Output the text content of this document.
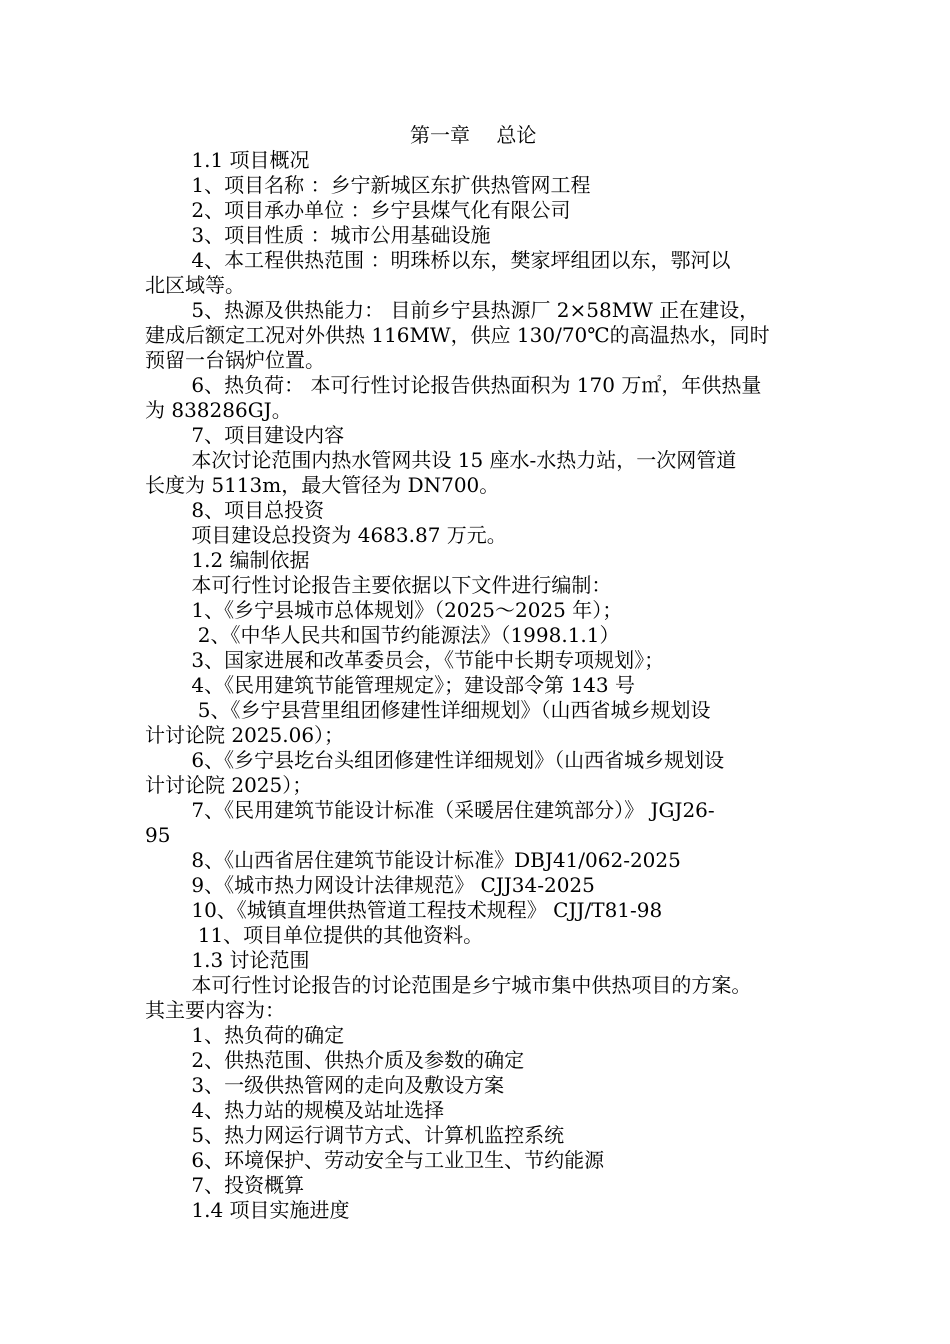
第一章　 总论
　　 1.1 项目概况
　　 1、项目名称 ：乡宁新城区东扩供热管网工程
　　 2、项目承办单位 ：乡宁县煤气化有限公司
　　 3、项目性质 ：城市公用基础设施
　　 4、本工程供热范围 ：明珠桥以东，樊家坪组团以东，鄂河以
北区域等。
　　 5、热源及供热能力： 目前乡宁县热源厂 2×58MW 正在建设，
建成后额定工况对外供热 116MW，供应 130/70℃的高温热水，同时
预留一台锅炉位置。
　　 6、热负荷： 本可行性讨论报告供热面积为 170 万㎡，年供热量
为 838286GJ。
　　 7、项目建设内容
　　 本次讨论范围内热水管网共设 15 座水-水热力站，一次网管道
长度为 5113m，最大管径为 DN700。
　　 8、项目总投资
　　 项目建设总投资为 4683.87 万元。
　　 1.2 编制依据
　　 本可行性讨论报告主要依据以下文件进行编制：
　　 1、《乡宁县城市总体规划》（2025～2025 年）；
　　  2、《中华人民共和国节约能源法》（1998.1.1）
　　 3、国家进展和改革委员会，《节能中长期专项规划》；
　　 4、《民用建筑节能管理规定》；建设部令第 143 号
　　  5、《乡宁县营里组团修建性详细规划》（山西省城乡规划设
计讨论院 2025.06）；
　　 6、《乡宁县圪台头组团修建性详细规划》（山西省城乡规划设
计讨论院 2025）；
　　 7、《民用建筑节能设计标准（采暖居住建筑部分）》 JGJ26-
95
　　 8、《山西省居住建筑节能设计标准》DBJ41/062-2025
　　 9、《城市热力网设计法律规范》 CJJ34-2025
　　 10、《城镇直埋供热管道工程技术规程》 CJJ/T81-98
　　  11、项目单位提供的其他资料。
　　 1.3 讨论范围
　　 本可行性讨论报告的讨论范围是乡宁城市集中供热项目的方案。
其主要内容为：
　　 1、热负荷的确定
　　 2、供热范围、供热介质及参数的确定
　　 3、一级供热管网的走向及敷设方案
　　 4、热力站的规模及站址选择
　　 5、热力网运行调节方式、计算机监控系统
　　 6、环境保护、劳动安全与工业卫生、节约能源
　　 7、投资概算
　　 1.4 项目实施进度
